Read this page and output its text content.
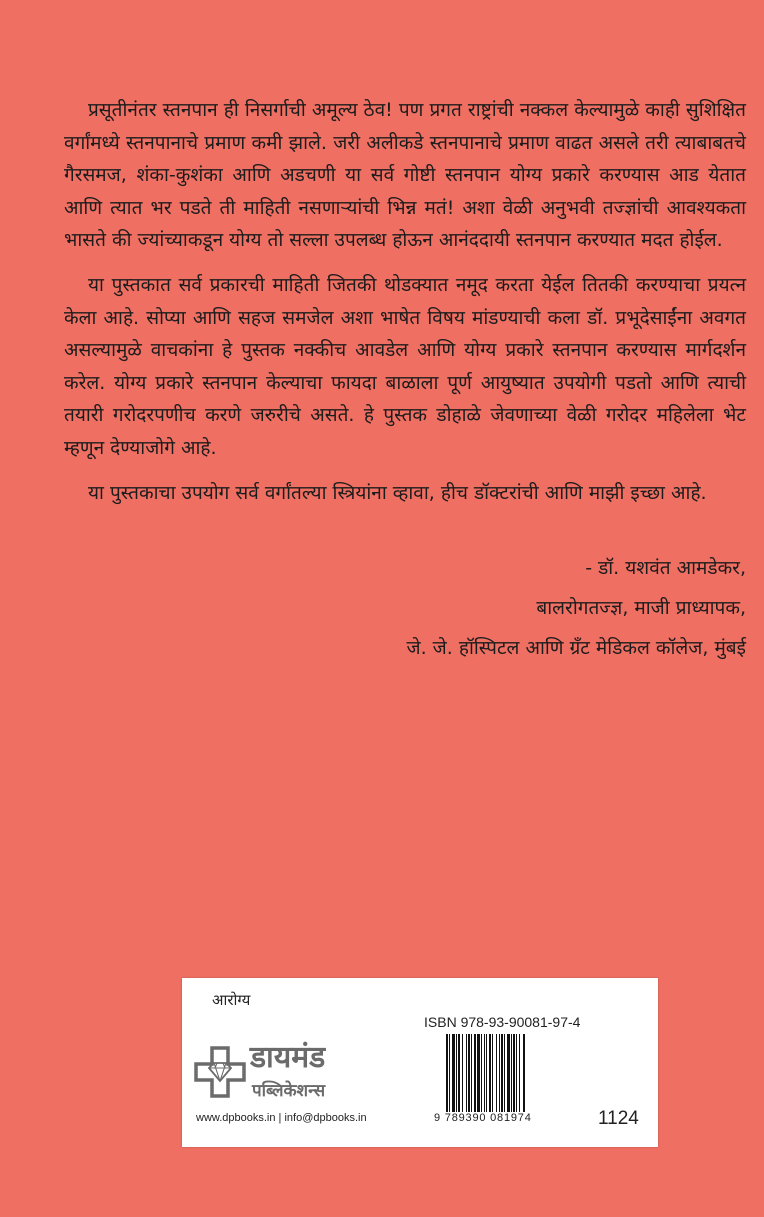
प्रसूतीनंतर स्तनपान ही निसर्गाची अमूल्य ठेव! पण प्रगत राष्ट्रांची नक्कल केल्यामुळे काही सुशिक्षित वर्गांमध्ये स्तनपानाचे प्रमाण कमी झाले. जरी अलीकडे स्तनपानाचे प्रमाण वाढत असले तरी त्याबाबतचे गैरसमज, शंका-कुशंका आणि अडचणी या सर्व गोष्टी स्तनपान योग्य प्रकारे करण्यास आड येतात आणि त्यात भर पडते ती माहिती नसणाऱ्यांची भिन्न मतं! अशा वेळी अनुभवी तज्ज्ञांची आवश्यकता भासते की ज्यांच्याकडून योग्य तो सल्ला उपलब्ध होऊन आनंददायी स्तनपान करण्यात मदत होईल.

या पुस्तकात सर्व प्रकारची माहिती जितकी थोडक्यात नमूद करता येईल तितकी करण्याचा प्रयत्न केला आहे. सोप्या आणि सहज समजेल अशा भाषेत विषय मांडण्याची कला डॉ. प्रभूदेसाईंना अवगत असल्यामुळे वाचकांना हे पुस्तक नक्कीच आवडेल आणि योग्य प्रकारे स्तनपान करण्यास मार्गदर्शन करेल. योग्य प्रकारे स्तनपान केल्याचा फायदा बाळाला पूर्ण आयुष्यात उपयोगी पडतो आणि त्याची तयारी गरोदरपणीच करणे जरुरीचे असते. हे पुस्तक डोहाळे जेवणाच्या वेळी गरोदर महिलेला भेट म्हणून देण्याजोगे आहे.

या पुस्तकाचा उपयोग सर्व वर्गांतल्या स्त्रियांना व्हावा, हीच डॉक्टरांची आणि माझी इच्छा आहे.

- डॉ. यशवंत आमडेकर,
बालरोगतज्ज्ञ, माजी प्राध्यापक,
जे. जे. हॉस्पिटल आणि ग्रँट मेडिकल कॉलेज, मुंबई
आरोग्य
ISBN 978-93-90081-97-4
9 789390 081974	1124
डायमंड
पब्लिकेशन्स
www.dpbooks.in | info@dpbooks.in
